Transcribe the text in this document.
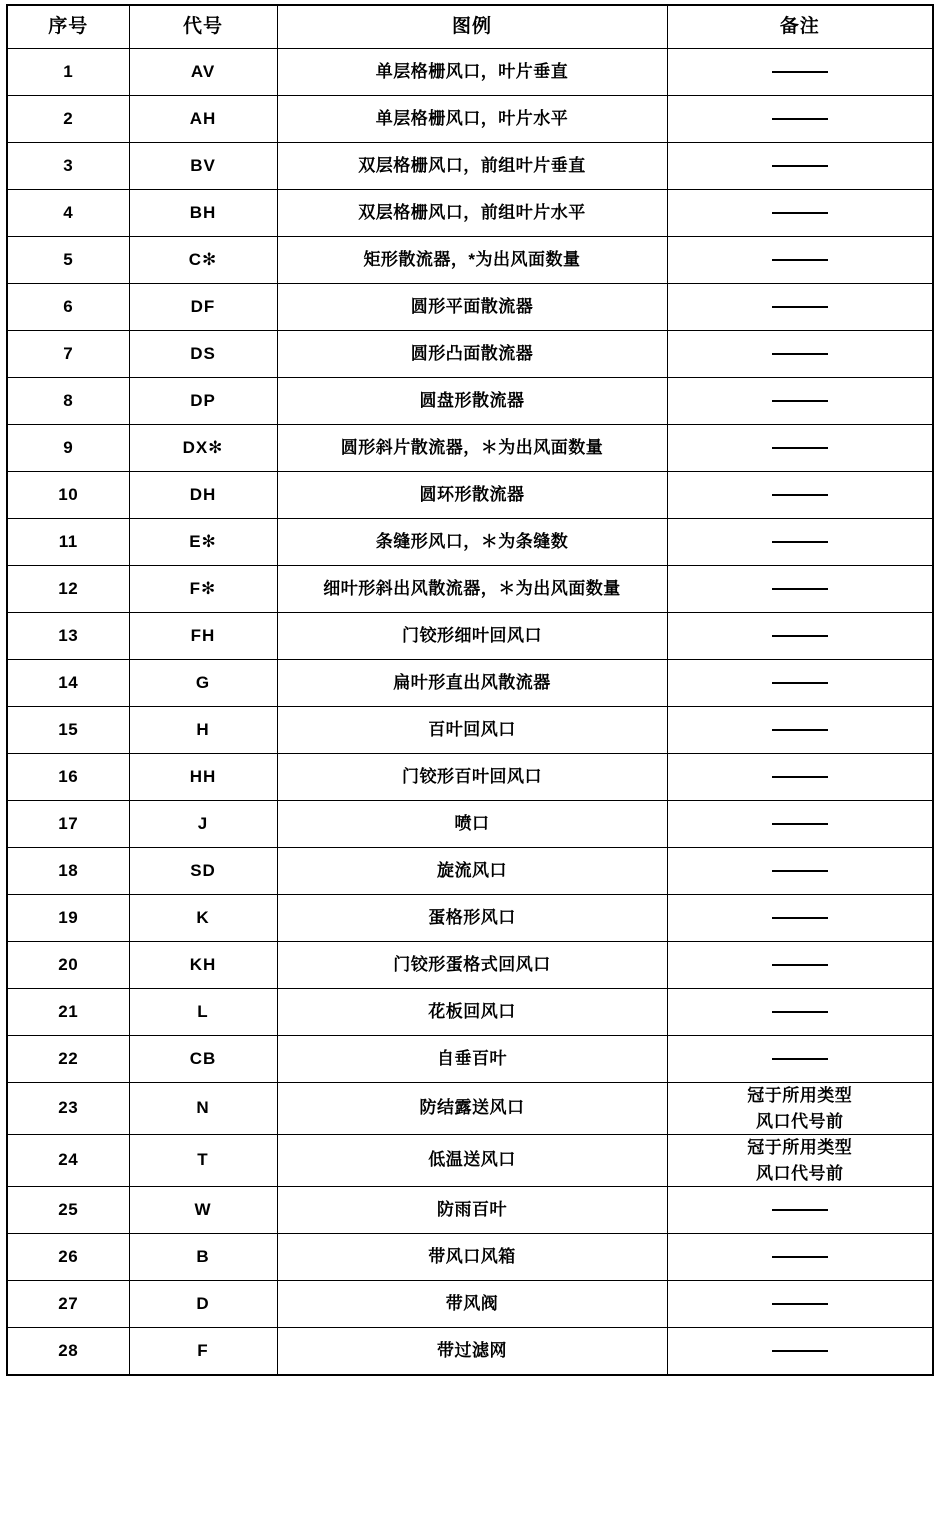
序号	代号	图例	备注
1	AV	单层格栅风口，叶片垂直	

2	AH	单层格栅风口，叶片水平	

3	BV	双层格栅风口，前组叶片垂直	

4	BH	双层格栅风口，前组叶片水平	

5	C✻	矩形散流器，*为出风面数量	

6	DF	圆形平面散流器	

7	DS	圆形凸面散流器	

8	DP	圆盘形散流器	

9	DX✻	圆形斜片散流器，＊为出风面数量	

10	DH	圆环形散流器	

11	E✻	条缝形风口，＊为条缝数	

12	F✻	细叶形斜出风散流器，＊为出风面数量	

13	FH	门铰形细叶回风口	

14	G	扁叶形直出风散流器	

15	H	百叶回风口	

16	HH	门铰形百叶回风口	

17	J	喷口	

18	SD	旋流风口	

19	K	蛋格形风口	

20	KH	门铰形蛋格式回风口	

21	L	花板回风口	

22	CB	自垂百叶	

23	N	防结露送风口	冠于所用类型
风口代号前

24	T	低温送风口	冠于所用类型
风口代号前

25	W	防雨百叶	

26	B	带风口风箱	

27	D	带风阀	

28	F	带过滤网	
